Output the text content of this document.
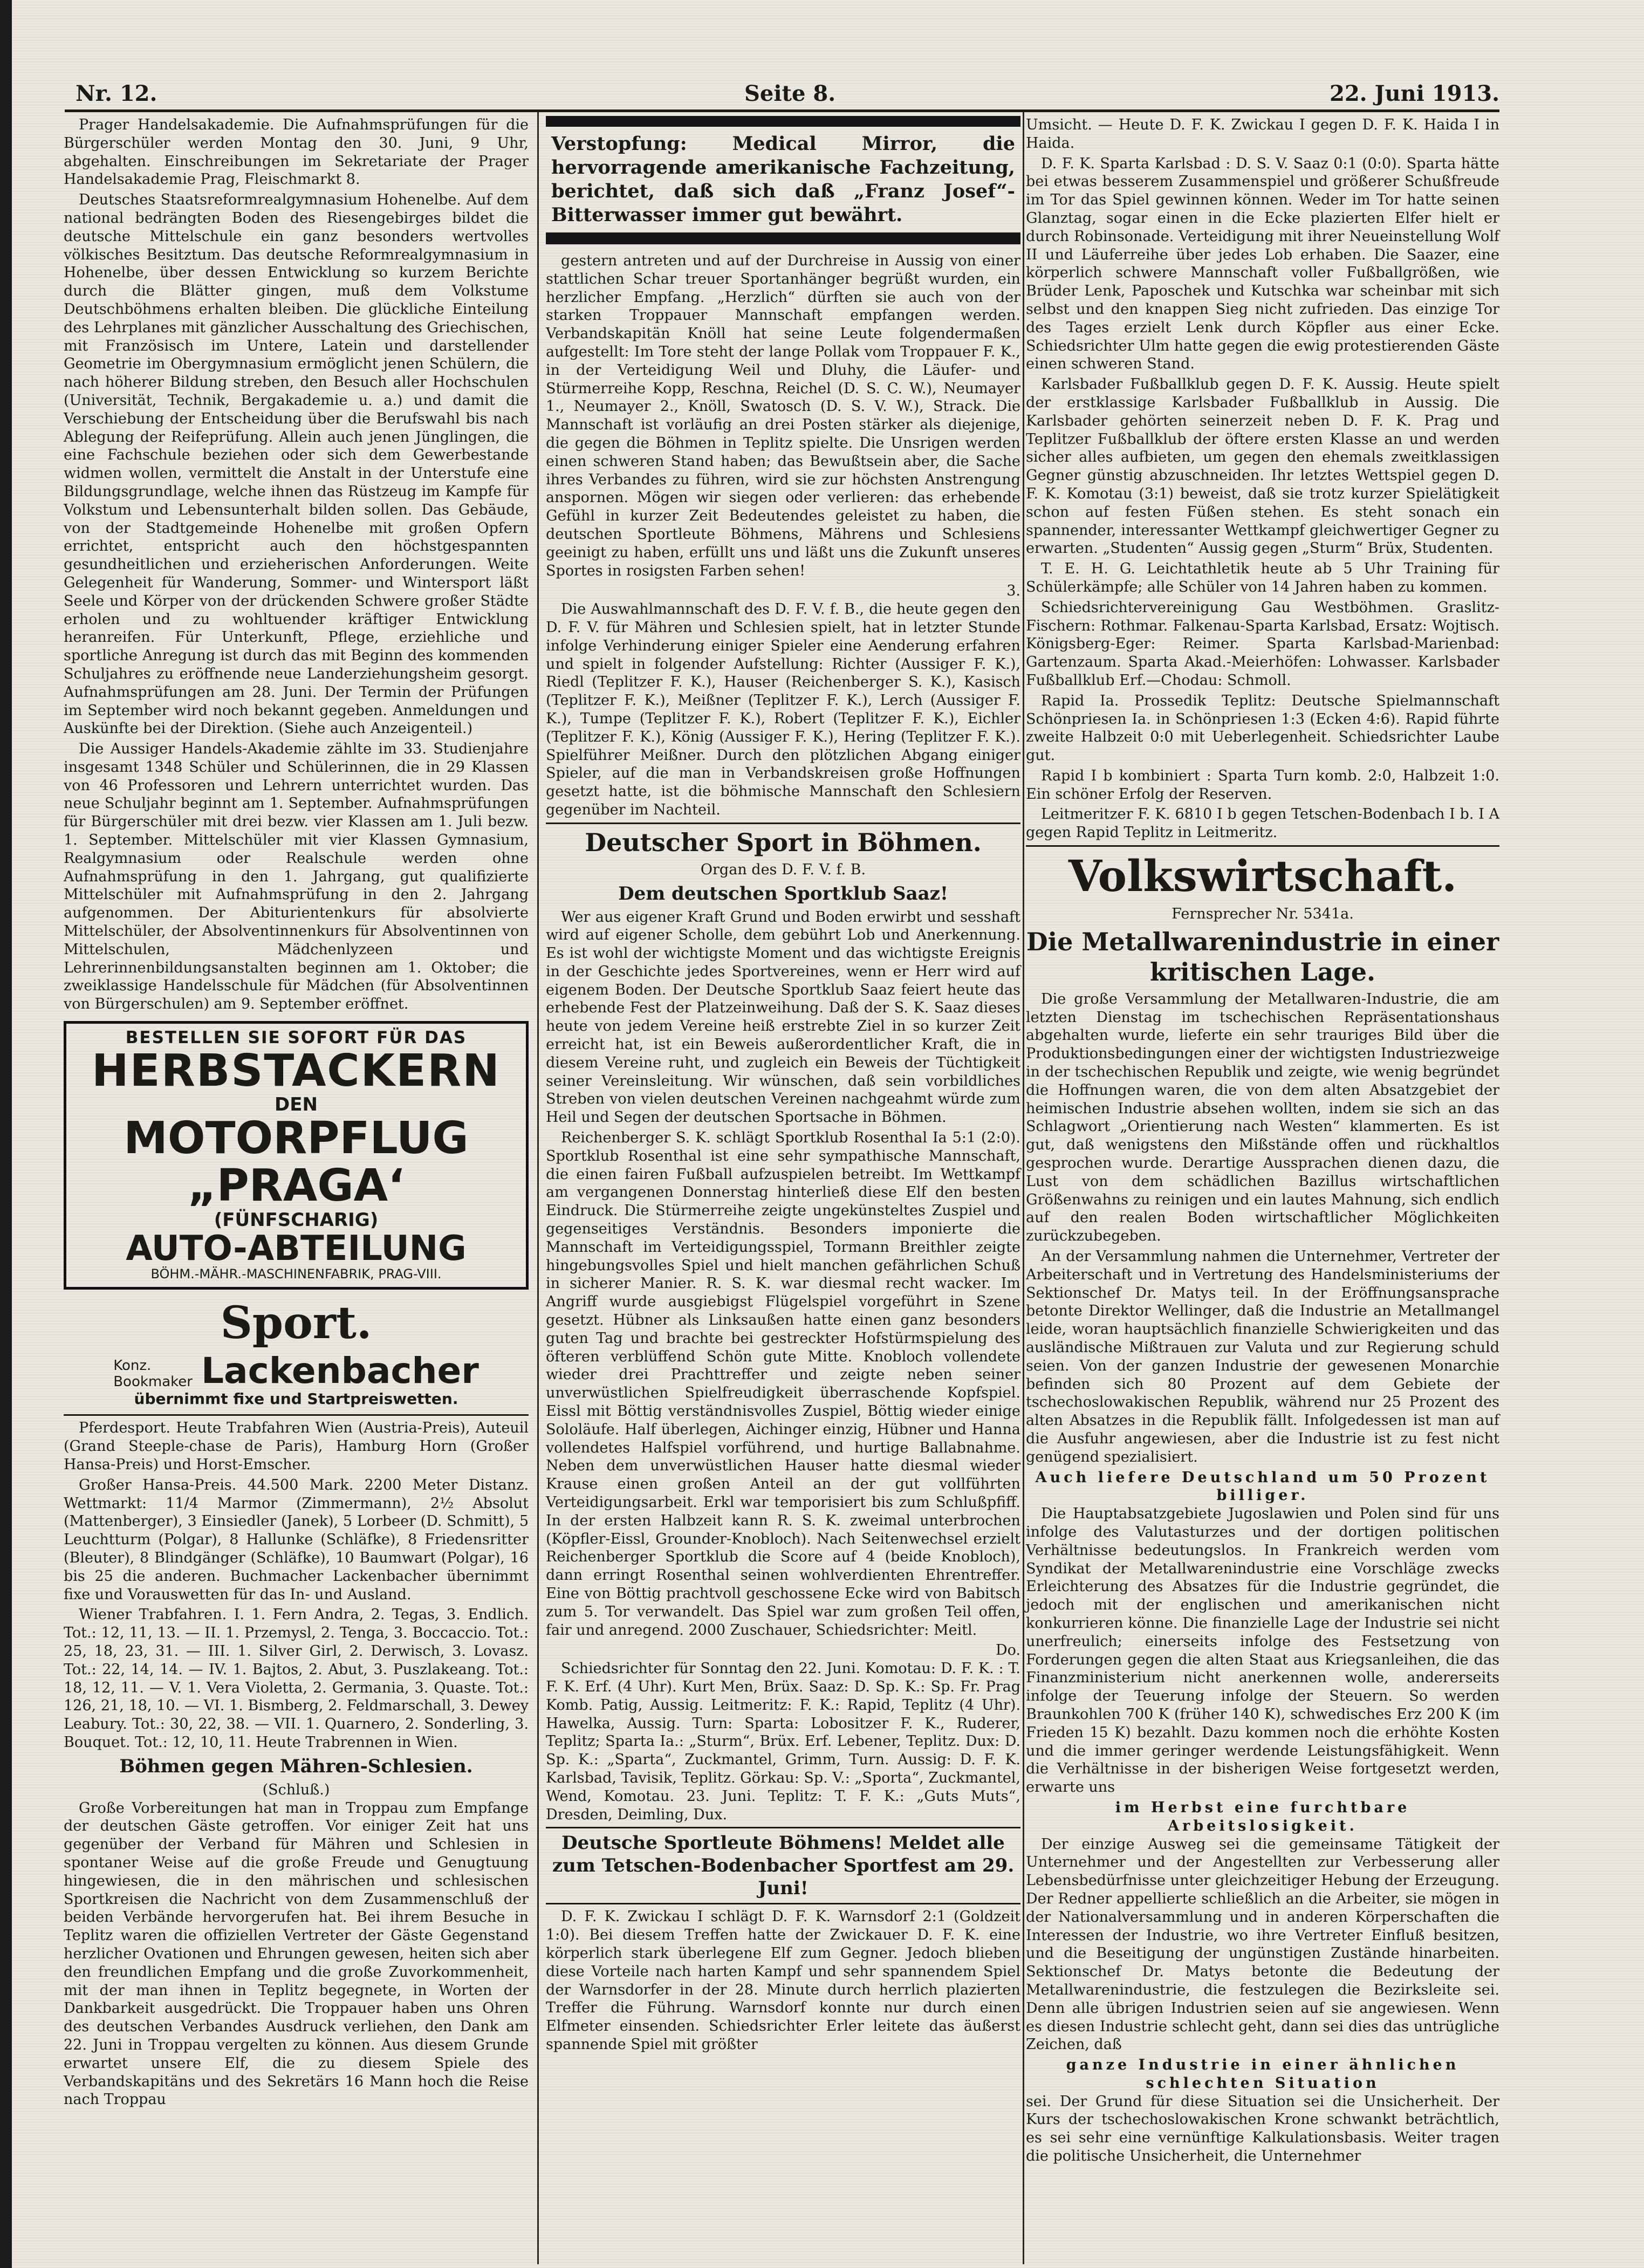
Nr. 12.	Seite 8.	22. Juni 1913.

Prager Handelsakademie. Die Aufnahmsprüfungen für die Bürgerschüler werden Montag den 30. Juni, 9 Uhr, abgehalten. Einschreibungen im Sekretariate der Prager Handelsakademie Prag, Fleischmarkt 8.

Deutsches Staatsreformrealgymnasium Hohenelbe. Auf dem national bedrängten Boden des Riesengebirges bildet die deutsche Mittelschule ein ganz besonders wertvolles völkisches Besitztum. Das deutsche Reformrealgymnasium in Hohenelbe, über dessen Entwicklung so kurzem Berichte durch die Blätter gingen, muß dem Volkstume Deutschböhmens erhalten bleiben. Die glückliche Einteilung des Lehrplanes mit gänzlicher Ausschaltung des Griechischen, mit Französisch im Untere, Latein und darstellender Geometrie im Obergymnasium ermöglicht jenen Schülern, die nach höherer Bildung streben, den Besuch aller Hochschulen (Universität, Technik, Bergakademie u. a.) und damit die Verschiebung der Entscheidung über die Berufswahl bis nach Ablegung der Reifeprüfung. Allein auch jenen Jünglingen, die eine Fachschule beziehen oder sich dem Gewerbestande widmen wollen, vermittelt die Anstalt in der Unterstufe eine Bildungsgrundlage, welche ihnen das Rüstzeug im Kampfe für Volkstum und Lebensunterhalt bilden sollen. Das Gebäude, von der Stadtgemeinde Hohenelbe mit großen Opfern errichtet, entspricht auch den höchstgespannten gesundheitlichen und erzieherischen Anforderungen. Weite Gelegenheit für Wanderung, Sommer- und Wintersport läßt Seele und Körper von der drückenden Schwere großer Städte erholen und zu wohltuender kräftiger Entwicklung heranreifen. Für Unterkunft, Pflege, erziehliche und sportliche Anregung ist durch das mit Beginn des kommenden Schuljahres zu eröffnende neue Landerziehungsheim gesorgt. Aufnahmsprüfungen am 28. Juni. Der Termin der Prüfungen im September wird noch bekannt gegeben. Anmeldungen und Auskünfte bei der Direktion. (Siehe auch Anzeigenteil.)

Die Aussiger Handels-Akademie zählte im 33. Studienjahre insgesamt 1348 Schüler und Schülerinnen, die in 29 Klassen von 46 Professoren und Lehrern unterrichtet wurden. Das neue Schuljahr beginnt am 1. September. Aufnahmsprüfungen für Bürgerschüler mit drei bezw. vier Klassen am 1. Juli bezw. 1. September. Mittelschüler mit vier Klassen Gymnasium, Realgymnasium oder Realschule werden ohne Aufnahmsprüfung in den 1. Jahrgang, gut qualifizierte Mittelschüler mit Aufnahmsprüfung in den 2. Jahrgang aufgenommen. Der Abiturientenkurs für absolvierte Mittelschüler, der Absolventinnenkurs für Absolventinnen von Mittelschulen, Mädchenlyzeen und Lehrerinnenbildungsanstalten beginnen am 1. Oktober; die zweiklassige Handelsschule für Mädchen (für Absolventinnen von Bürgerschulen) am 9. September eröffnet.

BESTELLEN SIE SOFORT FÜR DAS
HERBSTACKERN
DEN
MOTORPFLUG
„PRAGA‘
(FÜNFSCHARIG)
AUTO-ABTEILUNG
BÖHM.-MÄHR.-MASCHINENFABRIK, PRAG-VIII.
Sport.
Konz.
Bookmaker Lackenbacher
übernimmt fixe und Startpreiswetten.

Pferdesport. Heute Trabfahren Wien (Austria-Preis), Auteuil (Grand Steeple-chase de Paris), Hamburg Horn (Großer Hansa-Preis) und Horst-Emscher.

Großer Hansa-Preis. 44.500 Mark. 2200 Meter Distanz. Wettmarkt: 11/4 Marmor (Zimmermann), 2½ Absolut (Mattenberger), 3 Einsiedler (Janek), 5 Lorbeer (D. Schmitt), 5 Leuchtturm (Polgar), 8 Hallunke (Schläfke), 8 Friedensritter (Bleuter), 8 Blindgänger (Schläfke), 10 Baumwart (Polgar), 16 bis 25 die anderen. Buchmacher Lackenbacher übernimmt fixe und Vorauswetten für das In- und Ausland.

Wiener Trabfahren. I. 1. Fern Andra, 2. Tegas, 3. Endlich. Tot.: 12, 11, 13. — II. 1. Przemysl, 2. Tenga, 3. Boccaccio. Tot.: 25, 18, 23, 31. — III. 1. Silver Girl, 2. Derwisch, 3. Lovasz. Tot.: 22, 14, 14. — IV. 1. Bajtos, 2. Abut, 3. Puszlakeang. Tot.: 18, 12, 11. — V. 1. Vera Violetta, 2. Germania, 3. Quaste. Tot.: 126, 21, 18, 10. — VI. 1. Bismberg, 2. Feldmarschall, 3. Dewey Leabury. Tot.: 30, 22, 38. — VII. 1. Quarnero, 2. Sonderling, 3. Bouquet. Tot.: 12, 10, 11. Heute Trabrennen in Wien.

Böhmen gegen Mähren-Schlesien.
(Schluß.)

Große Vorbereitungen hat man in Troppau zum Empfange der deutschen Gäste getroffen. Vor einiger Zeit hat uns gegenüber der Verband für Mähren und Schlesien in spontaner Weise auf die große Freude und Genugtuung hingewiesen, die in den mährischen und schlesischen Sportkreisen die Nachricht von dem Zusammenschluß der beiden Verbände hervorgerufen hat. Bei ihrem Besuche in Teplitz waren die offiziellen Vertreter der Gäste Gegenstand herzlicher Ovationen und Ehrungen gewesen, heiten sich aber den freundlichen Empfang und die große Zuvorkommenheit, mit der man ihnen in Teplitz begegnete, in Worten der Dankbarkeit ausgedrückt. Die Troppauer haben uns Ohren des deutschen Verbandes Ausdruck verliehen, den Dank am 22. Juni in Troppau vergelten zu können. Aus diesem Grunde erwartet unsere Elf, die zu diesem Spiele des Verbandskapitäns und des Sekretärs 16 Mann hoch die Reise nach Troppau

Verstopfung: Medical Mirror, die hervorragende amerikanische Fachzeitung, berichtet, daß sich daß „Franz Josef“-Bitterwasser immer gut bewährt.

gestern antreten und auf der Durchreise in Aussig von einer stattlichen Schar treuer Sportanhänger begrüßt wurden, ein herzlicher Empfang. „Herzlich“ dürften sie auch von der starken Troppauer Mannschaft empfangen werden. Verbandskapitän Knöll hat seine Leute folgendermaßen aufgestellt: Im Tore steht der lange Pollak vom Troppauer F. K., in der Verteidigung Weil und Dluhy, die Läufer- und Stürmerreihe Kopp, Reschna, Reichel (D. S. C. W.), Neumayer 1., Neumayer 2., Knöll, Swatosch (D. S. V. W.), Strack. Die Mannschaft ist vorläufig an drei Posten stärker als diejenige, die gegen die Böhmen in Teplitz spielte. Die Unsrigen werden einen schweren Stand haben; das Bewußtsein aber, die Sache ihres Verbandes zu führen, wird sie zur höchsten Anstrengung anspornen. Mögen wir siegen oder verlieren: das erhebende Gefühl in kurzer Zeit Bedeutendes geleistet zu haben, die deutschen Sportleute Böhmens, Mährens und Schlesiens geeinigt zu haben, erfüllt uns und läßt uns die Zukunft unseres Sportes in rosigsten Farben sehen!

3.

Die Auswahlmannschaft des D. F. V. f. B., die heute gegen den D. F. V. für Mähren und Schlesien spielt, hat in letzter Stunde infolge Verhinderung einiger Spieler eine Aenderung erfahren und spielt in folgender Aufstellung: Richter (Aussiger F. K.), Riedl (Teplitzer F. K.), Hauser (Reichenberger S. K.), Kasisch (Teplitzer F. K.), Meißner (Teplitzer F. K.), Lerch (Aussiger F. K.), Tumpe (Teplitzer F. K.), Robert (Teplitzer F. K.), Eichler (Teplitzer F. K.), König (Aussiger F. K.), Hering (Teplitzer F. K.). Spielführer Meißner. Durch den plötzlichen Abgang einiger Spieler, auf die man in Verbandskreisen große Hoffnungen gesetzt hatte, ist die böhmische Mannschaft den Schlesiern gegenüber im Nachteil.

Deutscher Sport in Böhmen.
Organ des D. F. V. f. B.
Dem deutschen Sportklub Saaz!

Wer aus eigener Kraft Grund und Boden erwirbt und sesshaft wird auf eigener Scholle, dem gebührt Lob und Anerkennung. Es ist wohl der wichtigste Moment und das wichtigste Ereignis in der Geschichte jedes Sportvereines, wenn er Herr wird auf eigenem Boden. Der Deutsche Sportklub Saaz feiert heute das erhebende Fest der Platzeinweihung. Daß der S. K. Saaz dieses heute von jedem Vereine heiß erstrebte Ziel in so kurzer Zeit erreicht hat, ist ein Beweis außerordentlicher Kraft, die in diesem Vereine ruht, und zugleich ein Beweis der Tüchtigkeit seiner Vereinsleitung. Wir wünschen, daß sein vorbildliches Streben von vielen deutschen Vereinen nachgeahmt würde zum Heil und Segen der deutschen Sportsache in Böhmen.

Reichenberger S. K. schlägt Sportklub Rosenthal Ia 5:1 (2:0). Sportklub Rosenthal ist eine sehr sympathische Mannschaft, die einen fairen Fußball aufzuspielen betreibt. Im Wettkampf am vergangenen Donnerstag hinterließ diese Elf den besten Eindruck. Die Stürmerreihe zeigte ungekünsteltes Zuspiel und gegenseitiges Verständnis. Besonders imponierte die Mannschaft im Verteidigungsspiel, Tormann Breithler zeigte hingebungsvolles Spiel und hielt manchen gefährlichen Schuß in sicherer Manier. R. S. K. war diesmal recht wacker. Im Angriff wurde ausgiebigst Flügelspiel vorgeführt in Szene gesetzt. Hübner als Linksaußen hatte einen ganz besonders guten Tag und brachte bei gestreckter Hofstürmspielung des öfteren verblüffend Schön gute Mitte. Knobloch vollendete wieder drei Prachttreffer und zeigte neben seiner unverwüstlichen Spielfreudigkeit überraschende Kopfspiel. Eissl mit Böttig verständnisvolles Zuspiel, Böttig wieder einige Sololäufe. Half überlegen, Aichinger einzig, Hübner und Hanna vollendetes Halfspiel vorführend, und hurtige Ballabnahme. Neben dem unverwüstlichen Hauser hatte diesmal wieder Krause einen großen Anteil an der gut vollführten Verteidigungsarbeit. Erkl war temporisiert bis zum Schlußpfiff. In der ersten Halbzeit kann R. S. K. zweimal unterbrochen (Köpfler-Eissl, Grounder-Knobloch). Nach Seitenwechsel erzielt Reichenberger Sportklub die Score auf 4 (beide Knobloch), dann erringt Rosenthal seinen wohlverdienten Ehrentreffer. Eine von Böttig prachtvoll geschossene Ecke wird von Babitsch zum 5. Tor verwandelt. Das Spiel war zum großen Teil offen, fair und anregend. 2000 Zuschauer, Schiedsrichter: Meitl.

Do.

Schiedsrichter für Sonntag den 22. Juni. Komotau: D. F. K. : T. F. K. Erf. (4 Uhr). Kurt Men, Brüx. Saaz: D. Sp. K.: Sp. Fr. Prag Komb. Patig, Aussig. Leitmeritz: F. K.: Rapid, Teplitz (4 Uhr). Hawelka, Aussig. Turn: Sparta: Lobositzer F. K., Ruderer, Teplitz; Sparta Ia.: „Sturm“, Brüx. Erf. Lebener, Teplitz. Dux: D. Sp. K.: „Sparta“, Zuckmantel, Grimm, Turn. Aussig: D. F. K. Karlsbad, Tavisik, Teplitz. Görkau: Sp. V.: „Sporta“, Zuckmantel, Wend, Komotau. 23. Juni. Teplitz: T. F. K.: „Guts Muts“, Dresden, Deimling, Dux.

Deutsche Sportleute Böhmens! Meldet alle zum Tetschen-Bodenbacher Sportfest am 29. Juni!

D. F. K. Zwickau I schlägt D. F. K. Warnsdorf 2:1 (Goldzeit 1:0). Bei diesem Treffen hatte der Zwickauer D. F. K. eine körperlich stark überlegene Elf zum Gegner. Jedoch blieben diese Vorteile nach harten Kampf und sehr spannendem Spiel der Warnsdorfer in der 28. Minute durch herrlich plazierten Treffer die Führung. Warnsdorf konnte nur durch einen Elfmeter einsenden. Schiedsrichter Erler leitete das äußerst spannende Spiel mit größter

Umsicht. — Heute D. F. K. Zwickau I gegen D. F. K. Haida I in Haida.

D. F. K. Sparta Karlsbad : D. S. V. Saaz 0:1 (0:0). Sparta hätte bei etwas besserem Zusammenspiel und größerer Schußfreude im Tor das Spiel gewinnen können. Weder im Tor hatte seinen Glanztag, sogar einen in die Ecke plazierten Elfer hielt er durch Robinsonade. Verteidigung mit ihrer Neueinstellung Wolf II und Läuferreihe über jedes Lob erhaben. Die Saazer, eine körperlich schwere Mannschaft voller Fußballgrößen, wie Brüder Lenk, Paposchek und Kutschka war scheinbar mit sich selbst und den knappen Sieg nicht zufrieden. Das einzige Tor des Tages erzielt Lenk durch Köpfler aus einer Ecke. Schiedsrichter Ulm hatte gegen die ewig protestierenden Gäste einen schweren Stand.

Karlsbader Fußballklub gegen D. F. K. Aussig. Heute spielt der erstklassige Karlsbader Fußballklub in Aussig. Die Karlsbader gehörten seinerzeit neben D. F. K. Prag und Teplitzer Fußballklub der öftere ersten Klasse an und werden sicher alles aufbieten, um gegen den ehemals zweitklassigen Gegner günstig abzuschneiden. Ihr letztes Wettspiel gegen D. F. K. Komotau (3:1) beweist, daß sie trotz kurzer Spielätigkeit schon auf festen Füßen stehen. Es steht sonach ein spannender, interessanter Wettkampf gleichwertiger Gegner zu erwarten. „Studenten“ Aussig gegen „Sturm“ Brüx, Studenten.

T. E. H. G. Leichtathletik heute ab 5 Uhr Training für Schülerkämpfe; alle Schüler von 14 Jahren haben zu kommen.

Schiedsrichtervereinigung Gau Westböhmen. Graslitz-Fischern: Rothmar. Falkenau-Sparta Karlsbad, Ersatz: Wojtisch. Königsberg-Eger: Reimer. Sparta Karlsbad-Marienbad: Gartenzaum. Sparta Akad.-Meierhöfen: Lohwasser. Karlsbader Fußballklub Erf.—Chodau: Schmoll.

Rapid Ia. Prossedik Teplitz: Deutsche Spielmannschaft Schönpriesen Ia. in Schönpriesen 1:3 (Ecken 4:6). Rapid führte zweite Halbzeit 0:0 mit Ueberlegenheit. Schiedsrichter Laube gut.

Rapid I b kombiniert : Sparta Turn komb. 2:0, Halbzeit 1:0. Ein schöner Erfolg der Reserven.

Leitmeritzer F. K. 6810 I b gegen Tetschen-Bodenbach I b. I A gegen Rapid Teplitz in Leitmeritz.

Volkswirtschaft.
Fernsprecher Nr. 5341a.
Die Metallwarenindustrie in einer kritischen Lage.

Die große Versammlung der Metallwaren-Industrie, die am letzten Dienstag im tschechischen Repräsentationshaus abgehalten wurde, lieferte ein sehr trauriges Bild über die Produktionsbedingungen einer der wichtigsten Industriezweige in der tschechischen Republik und zeigte, wie wenig begründet die Hoffnungen waren, die von dem alten Absatzgebiet der heimischen Industrie absehen wollten, indem sie sich an das Schlagwort „Orientierung nach Westen“ klammerten. Es ist gut, daß wenigstens den Mißstände offen und rückhaltlos gesprochen wurde. Derartige Aussprachen dienen dazu, die Lust von dem schädlichen Bazillus wirtschaftlichen Größenwahns zu reinigen und ein lautes Mahnung, sich endlich auf den realen Boden wirtschaftlicher Möglichkeiten zurückzubegeben.

An der Versammlung nahmen die Unternehmer, Vertreter der Arbeiterschaft und in Vertretung des Handelsministeriums der Sektionschef Dr. Matys teil. In der Eröffnungsansprache betonte Direktor Wellinger, daß die Industrie an Metallmangel leide, woran hauptsächlich finanzielle Schwierigkeiten und das ausländische Mißtrauen zur Valuta und zur Regierung schuld seien. Von der ganzen Industrie der gewesenen Monarchie befinden sich 80 Prozent auf dem Gebiete der tschechoslowakischen Republik, während nur 25 Prozent des alten Absatzes in die Republik fällt. Infolgedessen ist man auf die Ausfuhr angewiesen, aber die Industrie ist zu fest nicht genügend spezialisiert.

Auch liefere Deutschland um 50 Prozent billiger.

Die Hauptabsatzgebiete Jugoslawien und Polen sind für uns infolge des Valutasturzes und der dortigen politischen Verhältnisse bedeutungslos. In Frankreich werden vom Syndikat der Metallwarenindustrie eine Vorschläge zwecks Erleichterung des Absatzes für die Industrie gegründet, die jedoch mit der englischen und amerikanischen nicht konkurrieren könne. Die finanzielle Lage der Industrie sei nicht unerfreulich; einerseits infolge des Festsetzung von Forderungen gegen die alten Staat aus Kriegsanleihen, die das Finanzministerium nicht anerkennen wolle, andererseits infolge der Teuerung infolge der Steuern. So werden Braunkohlen 700 K (früher 140 K), schwedisches Erz 200 K (im Frieden 15 K) bezahlt. Dazu kommen noch die erhöhte Kosten und die immer geringer werdende Leistungsfähigkeit. Wenn die Verhältnisse in der bisherigen Weise fortgesetzt werden, erwarte uns

im Herbst eine furchtbare Arbeitslosigkeit.

Der einzige Ausweg sei die gemeinsame Tätigkeit der Unternehmer und der Angestellten zur Verbesserung aller Lebensbedürfnisse unter gleichzeitiger Hebung der Erzeugung. Der Redner appellierte schließlich an die Arbeiter, sie mögen in der Nationalversammlung und in anderen Körperschaften die Interessen der Industrie, wo ihre Vertreter Einfluß besitzen, und die Beseitigung der ungünstigen Zustände hinarbeiten. Sektionschef Dr. Matys betonte die Bedeutung der Metallwarenindustrie, die festzulegen die Bezirksleite sei. Denn alle übrigen Industrien seien auf sie angewiesen. Wenn es diesen Industrie schlecht geht, dann sei dies das untrügliche Zeichen, daß

ganze Industrie in einer ähnlichen schlechten Situation

sei. Der Grund für diese Situation sei die Unsicherheit. Der Kurs der tschechoslowakischen Krone schwankt beträchtlich, es sei sehr eine vernünftige Kalkulationsbasis. Weiter tragen die politische Unsicherheit, die Unternehmer
